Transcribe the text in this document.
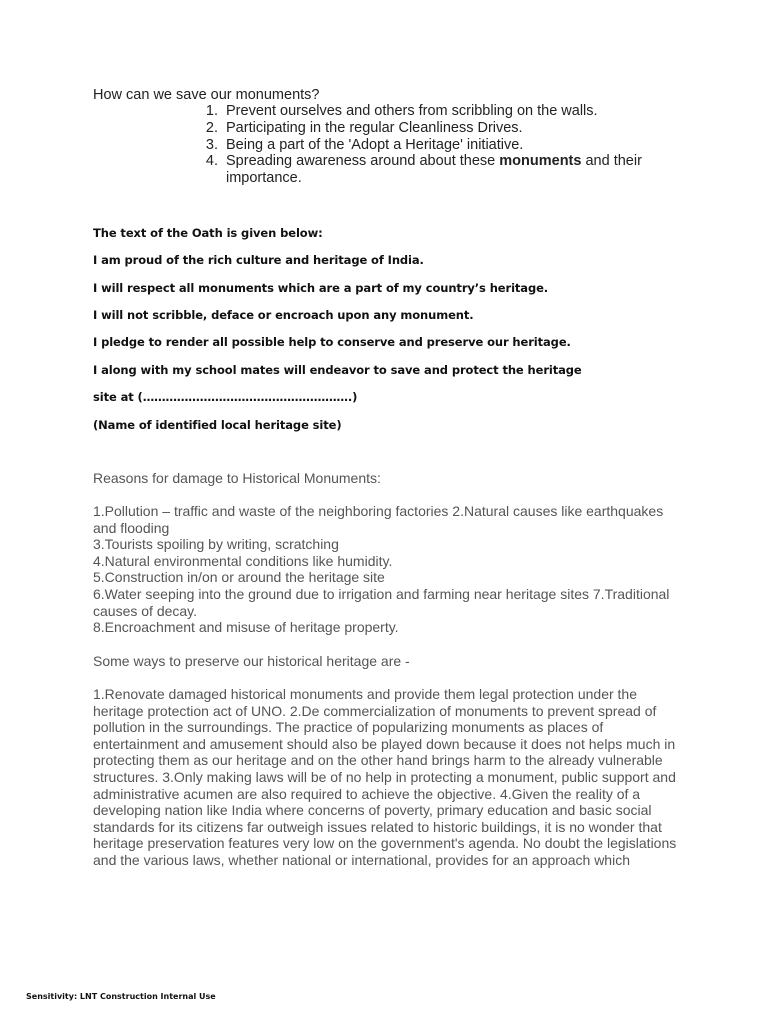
How can we save our monuments?
1. Prevent ourselves and others from scribbling on the walls.
2. Participating in the regular Cleanliness Drives.
3. Being a part of the 'Adopt a Heritage' initiative.
4. Spreading awareness around about these monuments and their
importance.
The text of the Oath is given below:
I am proud of the rich culture and heritage of India.
I will respect all monuments which are a part of my country’s heritage.
I will not scribble, deface or encroach upon any monument.
I pledge to render all possible help to conserve and preserve our heritage.
I along with my school mates will endeavor to save and protect the heritage
site at (……………………………………………….)
(Name of identified local heritage site)
Reasons for damage to Historical Monuments:
1.Pollution – traffic and waste of the neighboring factories 2.Natural causes like earthquakes
and flooding
3.Tourists spoiling by writing, scratching
4.Natural environmental conditions like humidity.
5.Construction in/on or around the heritage site
6.Water seeping into the ground due to irrigation and farming near heritage sites 7.Traditional
causes of decay.
8.Encroachment and misuse of heritage property.
Some ways to preserve our historical heritage are -
1.Renovate damaged historical monuments and provide them legal protection under the
heritage protection act of UNO. 2.De commercialization of monuments to prevent spread of
pollution in the surroundings. The practice of popularizing monuments as places of
entertainment and amusement should also be played down because it does not helps much in
protecting them as our heritage and on the other hand brings harm to the already vulnerable
structures. 3.Only making laws will be of no help in protecting a monument, public support and
administrative acumen are also required to achieve the objective. 4.Given the reality of a
developing nation like India where concerns of poverty, primary education and basic social
standards for its citizens far outweigh issues related to historic buildings, it is no wonder that
heritage preservation features very low on the government's agenda. No doubt the legislations
and the various laws, whether national or international, provides for an approach which
Sensitivity: LNT Construction Internal Use
